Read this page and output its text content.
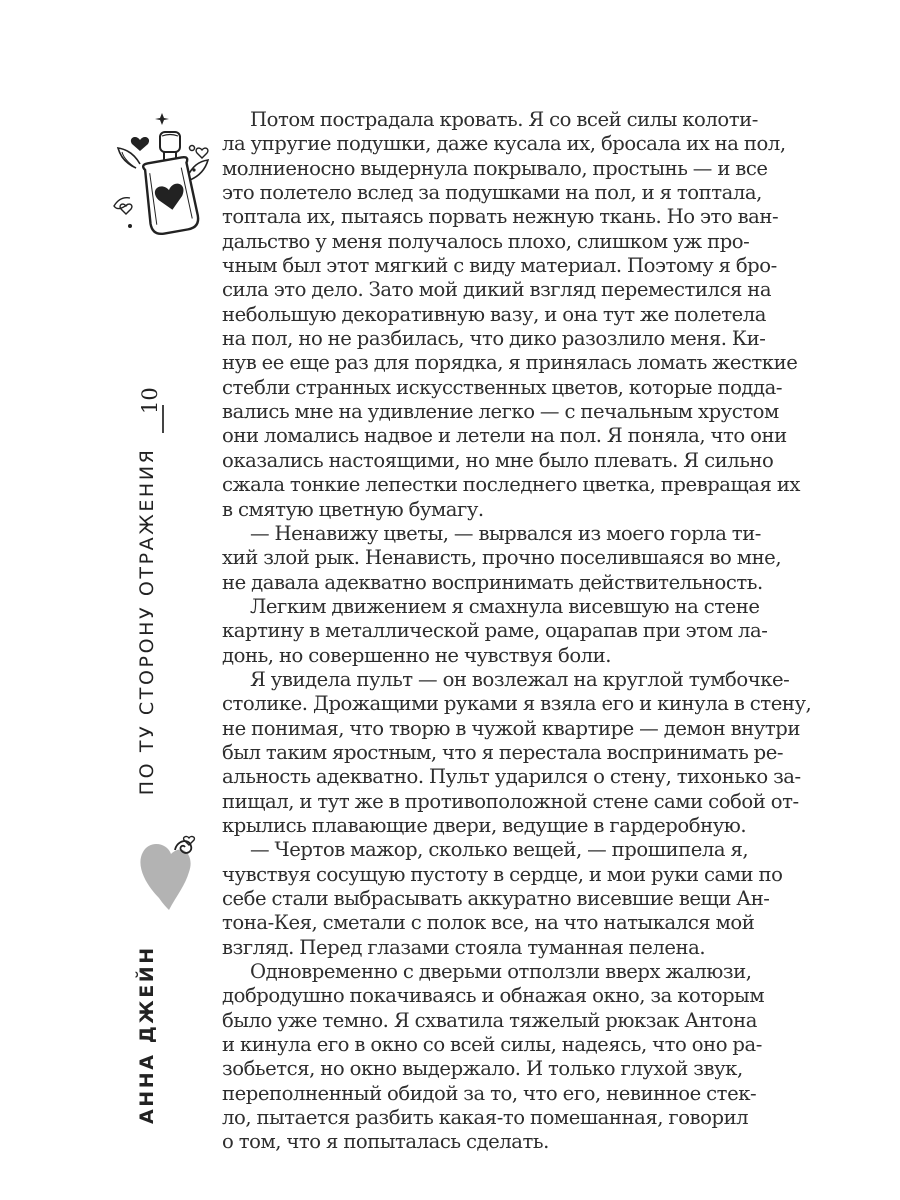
10
АННА ДЖЕЙНПО ТУ СТОРОНУ ОТРАЖЕНИЯ
Потом пострадала кровать. Я со всей силы колоти-
ла упругие подушки, даже кусала их, бросала их на пол,
молниеносно выдернула покрывало, простынь — и все
это полетело вслед за подушками на пол, и я топтала,
топтала их, пытаясь порвать нежную ткань. Но это ван-
дальство у меня получалось плохо, слишком уж про-
чным был этот мягкий с виду материал. Поэтому я бро-
сила это дело. Зато мой дикий взгляд переместился на
небольшую декоративную вазу, и она тут же полетела
на пол, но не разбилась, что дико разозлило меня. Ки-
нув ее еще раз для порядка, я принялась ломать жесткие
стебли странных искусственных цветов, которые подда-
вались мне на удивление легко — с печальным хрустом
они ломались надвое и летели на пол. Я поняла, что они
оказались настоящими, но мне было плевать. Я сильно
сжала тонкие лепестки последнего цветка, превращая их
в смятую цветную бумагу.
— Ненавижу цветы, — вырвался из моего горла ти-
хий злой рык. Ненависть, прочно поселившаяся во мне,
не давала адекватно воспринимать действительность.
Легким движением я смахнула висевшую на стене
картину в металлической раме, оцарапав при этом ла-
донь, но совершенно не чувствуя боли.
Я увидела пульт — он возлежал на круглой тумбочке-
столике. Дрожащими руками я взяла его и кинула в стену,
не понимая, что творю в чужой квартире — демон внутри
был таким яростным, что я перестала воспринимать ре-
альность адекватно. Пульт ударился о стену, тихонько за-
пищал, и тут же в противоположной стене сами собой от-
крылись плавающие двери, ведущие в гардеробную.
— Чертов мажор, сколько вещей, — прошипела я,
чувствуя сосущую пустоту в сердце, и мои руки сами по
себе стали выбрасывать аккуратно висевшие вещи Ан-
тона-Кея, сметали с полок все, на что натыкался мой
взгляд. Перед глазами стояла туманная пелена.
Одновременно с дверьми отползли вверх жалюзи,
добродушно покачиваясь и обнажая окно, за которым
было уже темно. Я схватила тяжелый рюкзак Антона
и кинула его в окно со всей силы, надеясь, что оно ра-
зобьется, но окно выдержало. И только глухой звук,
переполненный обидой за то, что его, невинное стек-
ло, пытается разбить какая-то помешанная, говорил
о том, что я попыталась сделать.
